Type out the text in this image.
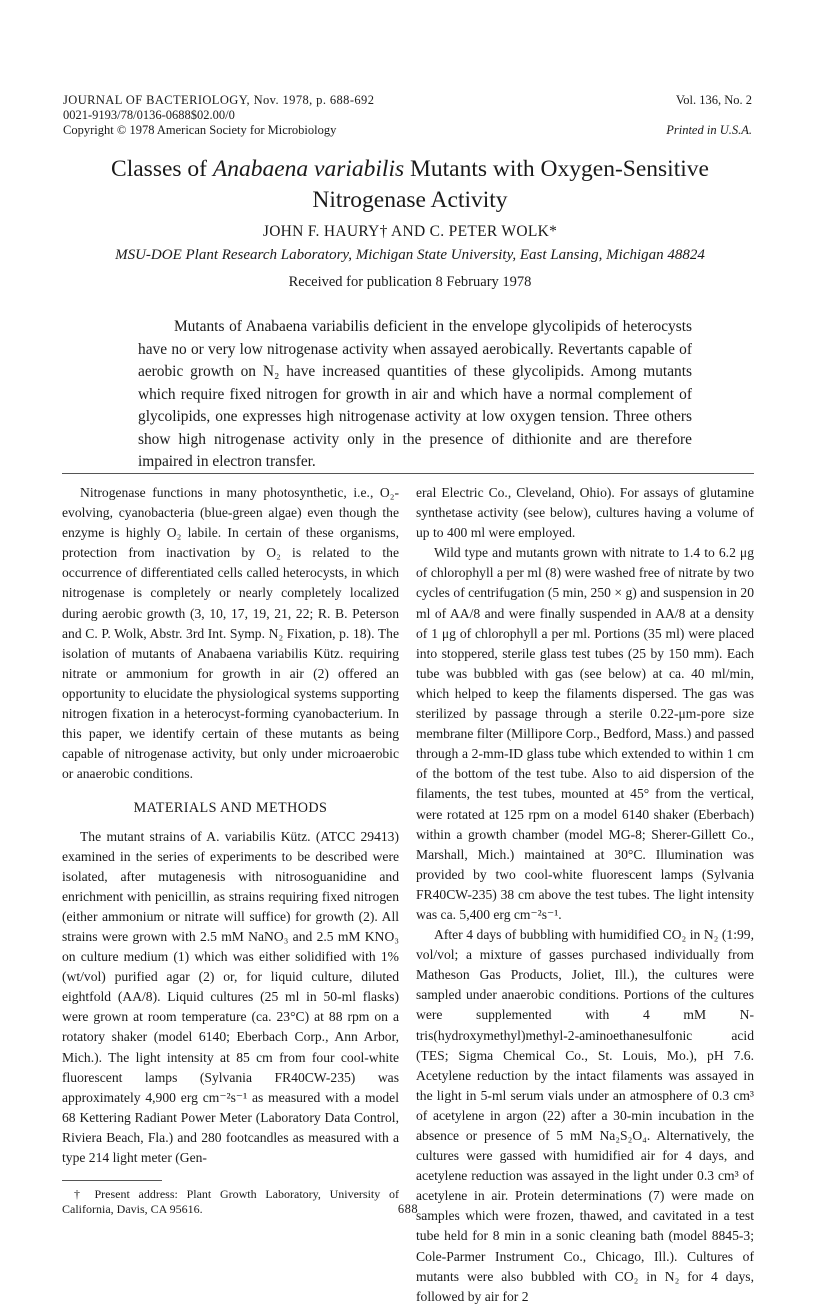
JOURNAL OF BACTERIOLOGY, Nov. 1978, p. 688-692
0021-9193/78/0136-0688$02.00/0
Copyright © 1978 American Society for Microbiology
Vol. 136, No. 2
Printed in U.S.A.
Classes of Anabaena variabilis Mutants with Oxygen-Sensitive Nitrogenase Activity
JOHN F. HAURY† AND C. PETER WOLK*
MSU-DOE Plant Research Laboratory, Michigan State University, East Lansing, Michigan 48824
Received for publication 8 February 1978

Mutants of Anabaena variabilis deficient in the envelope glycolipids of heterocysts have no or very low nitrogenase activity when assayed aerobically. Revertants capable of aerobic growth on N₂ have increased quantities of these glycolipids. Among mutants which require fixed nitrogen for growth in air and which have a normal complement of glycolipids, one expresses high nitrogenase activity at low oxygen tension. Three others show high nitrogenase activity only in the presence of dithionite and are therefore impaired in electron transfer.

Nitrogenase functions in many photosynthetic, i.e., O₂-evolving, cyanobacteria (blue-green algae) even though the enzyme is highly O₂ labile. In certain of these organisms, protection from inactivation by O₂ is related to the occurrence of differentiated cells called heterocysts, in which nitrogenase is completely or nearly completely localized during aerobic growth (3, 10, 17, 19, 21, 22; R. B. Peterson and C. P. Wolk, Abstr. 3rd Int. Symp. N₂ Fixation, p. 18). The isolation of mutants of Anabaena variabilis Kütz. requiring nitrate or ammonium for growth in air (2) offered an opportunity to elucidate the physiological systems supporting nitrogen fixation in a heterocyst-forming cyanobacterium. In this paper, we identify certain of these mutants as being capable of nitrogenase activity, but only under microaerobic or anaerobic conditions.

MATERIALS AND METHODS

The mutant strains of A. variabilis Kütz. (ATCC 29413) examined in the series of experiments to be described were isolated, after mutagenesis with nitrosoguanidine and enrichment with penicillin, as strains requiring fixed nitrogen (either ammonium or nitrate will suffice) for growth (2). All strains were grown with 2.5 mM NaNO₃ and 2.5 mM KNO₃ on culture medium (1) which was either solidified with 1% (wt/vol) purified agar (2) or, for liquid culture, diluted eightfold (AA/8). Liquid cultures (25 ml in 50-ml flasks) were grown at room temperature (ca. 23°C) at 88 rpm on a rotatory shaker (model 6140; Eberbach Corp., Ann Arbor, Mich.). The light intensity at 85 cm from four cool-white fluorescent lamps (Sylvania FR40CW-235) was approximately 4,900 erg cm⁻²s⁻¹ as measured with a model 68 Kettering Radiant Power Meter (Laboratory Data Control, Riviera Beach, Fla.) and 280 footcandles as measured with a type 214 light meter (Gen-

† Present address: Plant Growth Laboratory, University of California, Davis, CA 95616.

eral Electric Co., Cleveland, Ohio). For assays of glutamine synthetase activity (see below), cultures having a volume of up to 400 ml were employed.

Wild type and mutants grown with nitrate to 1.4 to 6.2 μg of chlorophyll a per ml (8) were washed free of nitrate by two cycles of centrifugation (5 min, 250 × g) and suspension in 20 ml of AA/8 and were finally suspended in AA/8 at a density of 1 μg of chlorophyll a per ml. Portions (35 ml) were placed into stoppered, sterile glass test tubes (25 by 150 mm). Each tube was bubbled with gas (see below) at ca. 40 ml/min, which helped to keep the filaments dispersed. The gas was sterilized by passage through a sterile 0.22-μm-pore size membrane filter (Millipore Corp., Bedford, Mass.) and passed through a 2-mm-ID glass tube which extended to within 1 cm of the bottom of the test tube. Also to aid dispersion of the filaments, the test tubes, mounted at 45° from the vertical, were rotated at 125 rpm on a model 6140 shaker (Eberbach) within a growth chamber (model MG-8; Sherer-Gillett Co., Marshall, Mich.) maintained at 30°C. Illumination was provided by two cool-white fluorescent lamps (Sylvania FR40CW-235) 38 cm above the test tubes. The light intensity was ca. 5,400 erg cm⁻²s⁻¹.

After 4 days of bubbling with humidified CO₂ in N₂ (1:99, vol/vol; a mixture of gasses purchased individually from Matheson Gas Products, Joliet, Ill.), the cultures were sampled under anaerobic conditions. Portions of the cultures were supplemented with 4 mM N-tris(hydroxymethyl)methyl-2-aminoethanesulfonic acid (TES; Sigma Chemical Co., St. Louis, Mo.), pH 7.6. Acetylene reduction by the intact filaments was assayed in the light in 5-ml serum vials under an atmosphere of 0.3 cm³ of acetylene in argon (22) after a 30-min incubation in the absence or presence of 5 mM Na₂S₂O₄. Alternatively, the cultures were gassed with humidified air for 4 days, and acetylene reduction was assayed in the light under 0.3 cm³ of acetylene in air. Protein determinations (7) were made on samples which were frozen, thawed, and cavitated in a test tube held for 8 min in a sonic cleaning bath (model 8845-3; Cole-Parmer Instrument Co., Chicago, Ill.). Cultures of mutants were also bubbled with CO₂ in N₂ for 4 days, followed by air for 2

688
